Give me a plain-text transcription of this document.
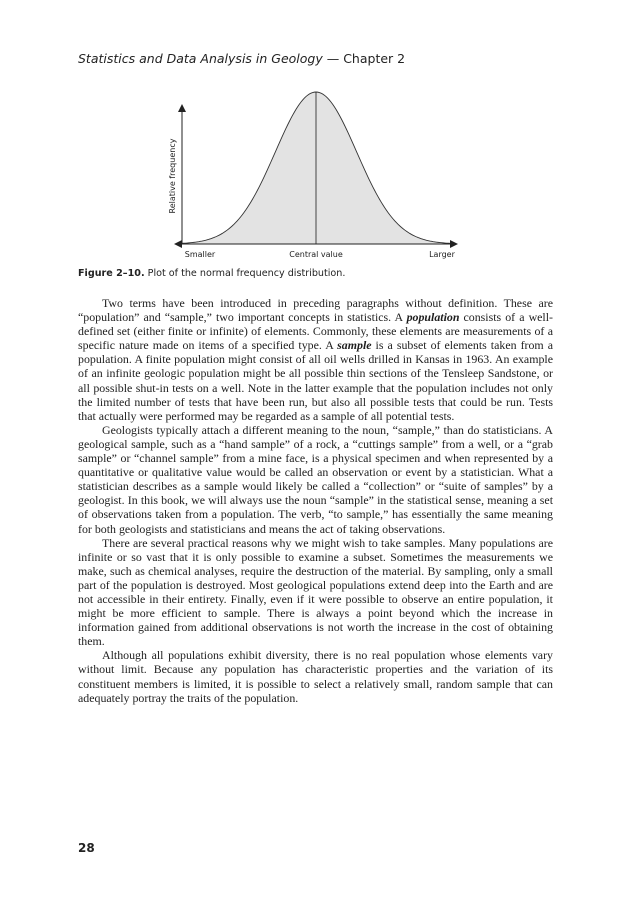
Statistics and Data Analysis in Geology — Chapter 2
Relative frequency
Smaller	Central value	Larger
Figure 2–10. Plot of the normal frequency distribution.

Two terms have been introduced in preceding paragraphs without definition. These are “population” and “sample,” two important concepts in statistics. A population consists of a well-defined set (either finite or infinite) of elements. Commonly, these elements are measurements of a specific nature made on items of a specified type. A sample is a subset of elements taken from a population. A finite population might consist of all oil wells drilled in Kansas in 1963. An example of an infinite geologic population might be all possible thin sections of the Tensleep Sandstone, or all possible shut-in tests on a well. Note in the latter example that the population includes not only the limited number of tests that have been run, but also all possible tests that could be run. Tests that actually were performed may be regarded as a sample of all potential tests.

Geologists typically attach a different meaning to the noun, “sample,” than do statisticians. A geological sample, such as a “hand sample” of a rock, a “cuttings sample” from a well, or a “grab sample” or “channel sample” from a mine face, is a physical specimen and when represented by a quantitative or qualitative value would be called an observation or event by a statistician. What a statistician describes as a sample would likely be called a “collection” or “suite of samples” by a geologist. In this book, we will always use the noun “sample” in the statistical sense, meaning a set of observations taken from a population. The verb, “to sample,” has essentially the same meaning for both geologists and statisticians and means the act of taking observations.

There are several practical reasons why we might wish to take samples. Many populations are infinite or so vast that it is only possible to examine a subset. Sometimes the measurements we make, such as chemical analyses, require the destruction of the material. By sampling, only a small part of the population is destroyed. Most geological populations extend deep into the Earth and are not accessible in their entirety. Finally, even if it were possible to observe an entire population, it might be more efficient to sample. There is always a point beyond which the increase in information gained from additional observations is not worth the increase in the cost of obtaining them.

Although all populations exhibit diversity, there is no real population whose elements vary without limit. Because any population has characteristic properties and the variation of its constituent members is limited, it is possible to select a relatively small, random sample that can adequately portray the traits of the population.

28
